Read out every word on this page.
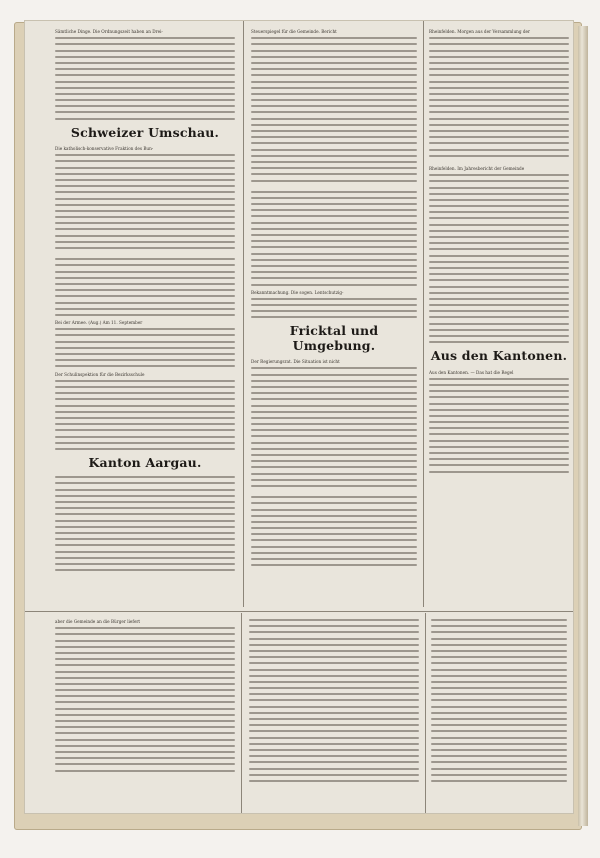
Sämtliche Dinge. Die Ordnungszeit haben an Drei-
Schweizer Umschau.
Die katholisch-konservative Fraktion des Bun-
Bei der Armee. (Aug.) Am 11. September
Der Schulinspektion für die Bezirksschule
Kanton Aargau.
Steuerspiegel für die Gemeinde. Bericht
Bekanntmachung. Die sogen. Lentschutzig-
Fricktal und Umgebung.
Der Regierungsrat. Die Situation ist nicht
Rheinfelden. Morgen aus der Versammlung der
Rheinfelden. Im Jahresbericht der Gemeinde
Aus den Kantonen.
Aus den Kantonen. — Das hat die Regel
aber die Gemeinde an die Bürger liefert
